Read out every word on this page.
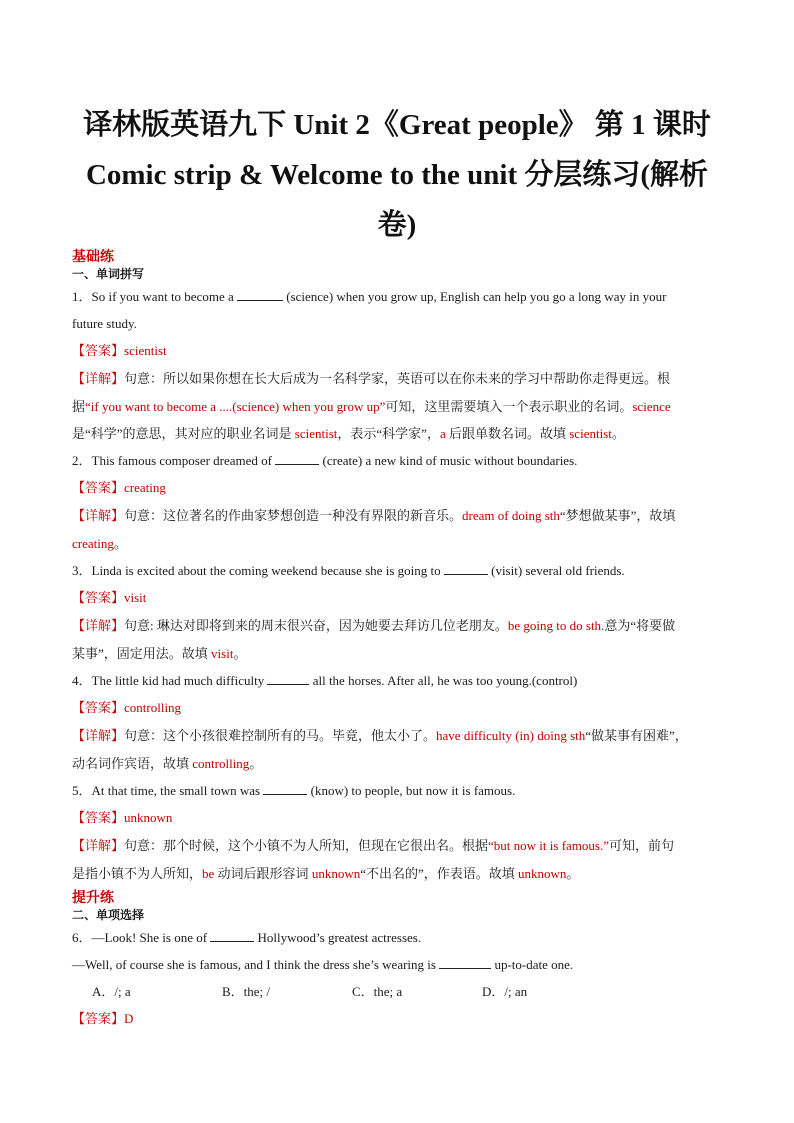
译林版英语九下 Unit 2《Great people》 第 1 课时
Comic strip & Welcome to the unit 分层练习(解析
卷)
基础练
一、单词拼写

1．So if you want to become a	(science) when you grow up, English can help you go a long way in your

future study.

【答案】scientist
【详解】句意：所以如果你想在长大后成为一名科学家，英语可以在你未来的学习中帮助你走得更远。根
据“if you want to become a ....(science) when you grow up”可知，这里需要填入一个表示职业的名词。science
是“科学”的意思，其对应的职业名词是 scientist，表示“科学家”，a 后跟单数名词。故填 scientist。

2．This famous composer dreamed of	(create) a new kind of music without boundaries.

【答案】creating
【详解】句意：这位著名的作曲家梦想创造一种没有界限的新音乐。dream of doing sth“梦想做某事”，故填
creating。

3．Linda is excited about the coming weekend because she is going to	(visit) several old friends.

【答案】visit
【详解】句意: 琳达对即将到来的周末很兴奋，因为她要去拜访几位老朋友。be going to do sth.意为“将要做
某事”，固定用法。故填 visit。

4．The little kid had much difficulty	all the horses. After all, he was too young.(control)

【答案】controlling
【详解】句意：这个小孩很难控制所有的马。毕竟，他太小了。have difficulty (in) doing sth“做某事有困难”，
动名词作宾语，故填 controlling。

5．At that time, the small town was	(know) to people, but now it is famous.

【答案】unknown
【详解】句意：那个时候，这个小镇不为人所知，但现在它很出名。根据“but now it is famous.”可知，前句
是指小镇不为人所知，be 动词后跟形容词 unknown“不出名的”，作表语。故填 unknown。
提升练
二、单项选择

6．—Look! She is one of	Hollywood’s greatest actresses.

—Well, of course she is famous, and I think the dress she’s wearing is	up-to-date one.

A．/; a	B．the; /	C．the; a	D．/; an
【答案】D
